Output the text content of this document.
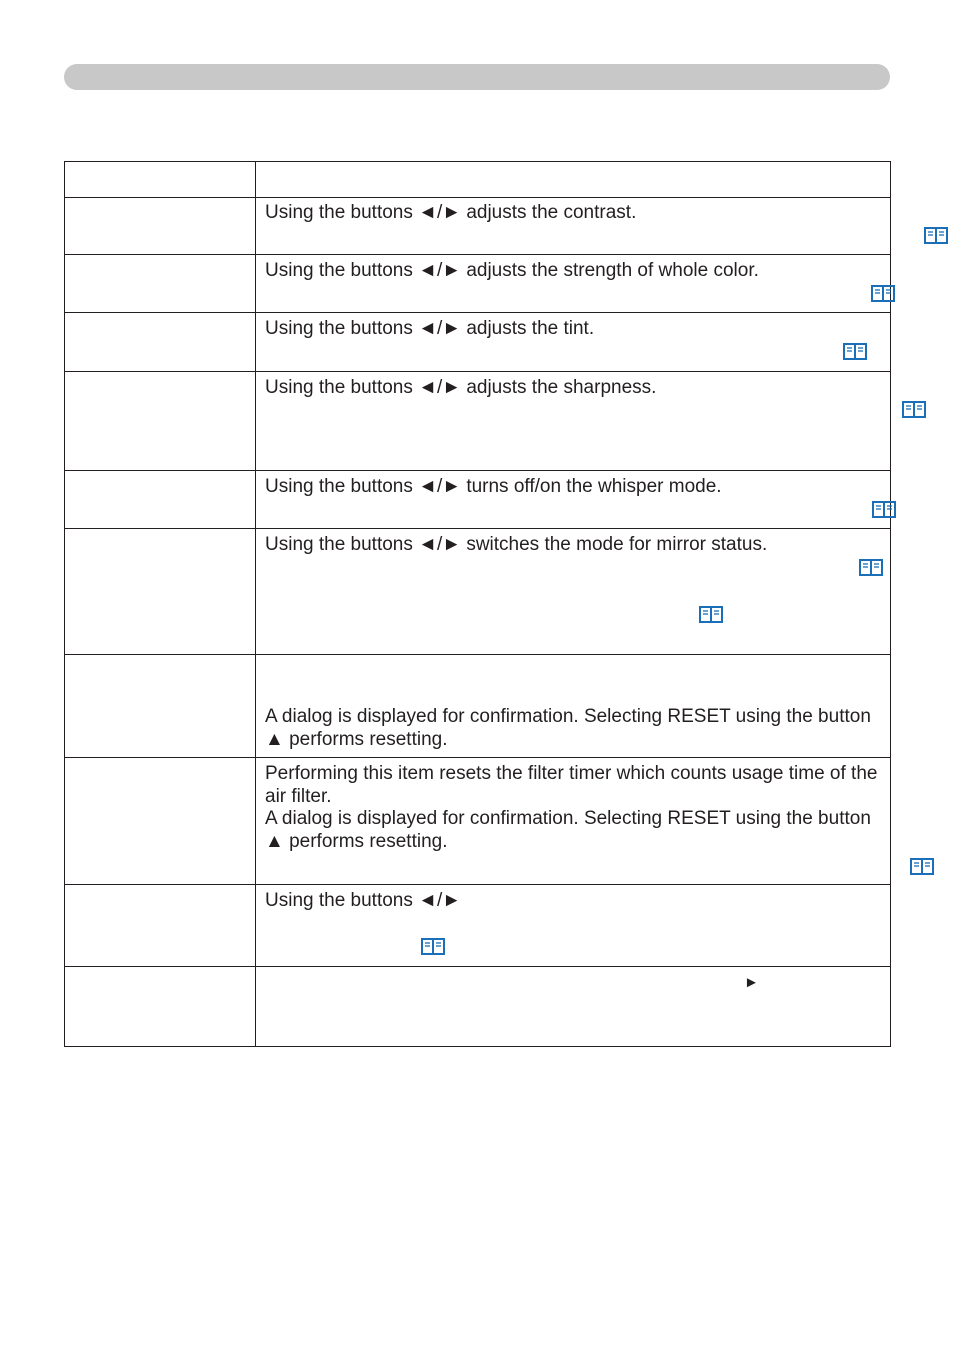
	Using the buttons ◄/► adjusts the contrast.

	Using the buttons ◄/► adjusts the strength of whole color.

	Using the buttons ◄/► adjusts the tint.

	Using the buttons ◄/► adjusts the sharpness.

	Using the buttons ◄/► turns off/on the whisper mode.

	Using the buttons ◄/► switches the mode for mirror status.

	A dialog is displayed for confirmation. Selecting RESET using the button ▲ performs resetting.

	Performing this item resets the filter timer which counts usage time of the air filter.
A dialog is displayed for confirmation. Selecting RESET using the button ▲ performs resetting.

	Using the buttons ◄/►

	►
